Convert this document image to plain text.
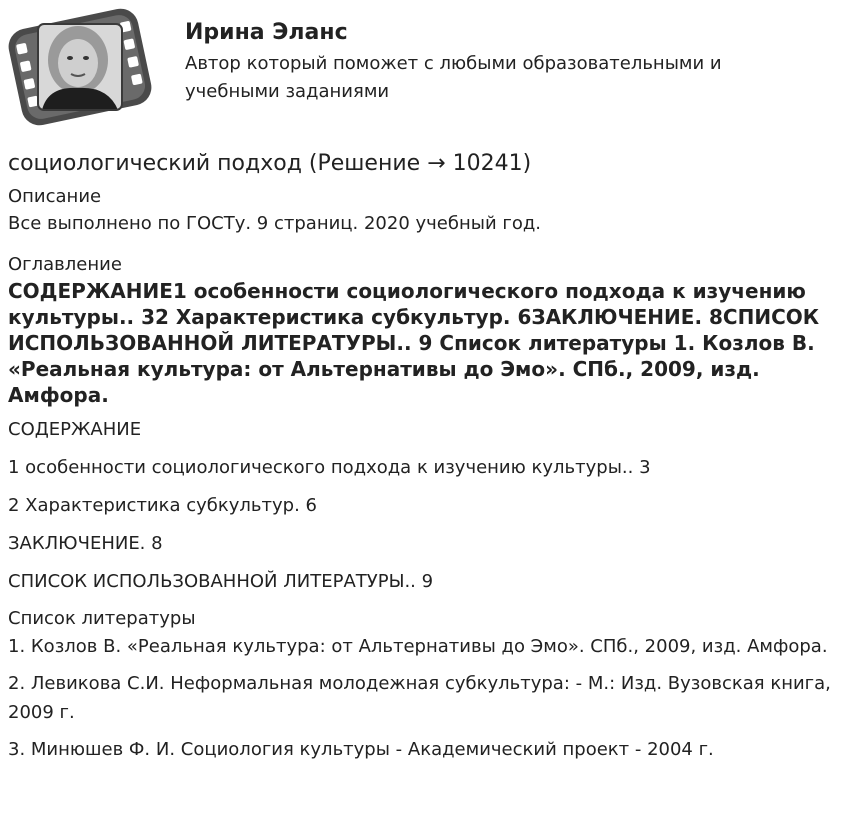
Ирина Эланс
Автор который поможет с любыми образовательными и учебными заданиями
социологический подход (Решение → 10241)

Описание

Все выполнено по ГОСТу. 9 страниц. 2020 учебный год.

Оглавление

СОДЕРЖАНИЕ1 особенности социологического подхода к изучению культуры.. 32 Характеристика субкультур. 6ЗАКЛЮЧЕНИЕ. 8СПИСОК ИСПОЛЬЗОВАННОЙ ЛИТЕРАТУРЫ.. 9 Список литературы 1. Козлов В. «Реальная культура: от Альтернативы до Эмо». СПб., 2009, изд. Амфора.

СОДЕРЖАНИЕ

1 особенности социологического подхода к изучению культуры.. 3

2 Характеристика субкультур. 6

ЗАКЛЮЧЕНИЕ. 8

СПИСОК ИСПОЛЬЗОВАННОЙ ЛИТЕРАТУРЫ.. 9

Список литературы

1. Козлов В. «Реальная культура: от Альтернативы до Эмо». СПб., 2009, изд. Амфора.

2. Левикова С.И. Неформальная молодежная субкультура: - М.: Изд. Вузовская книга, 2009 г.

3. Минюшев Ф. И. Социология культуры - Академический проект - 2004 г.
